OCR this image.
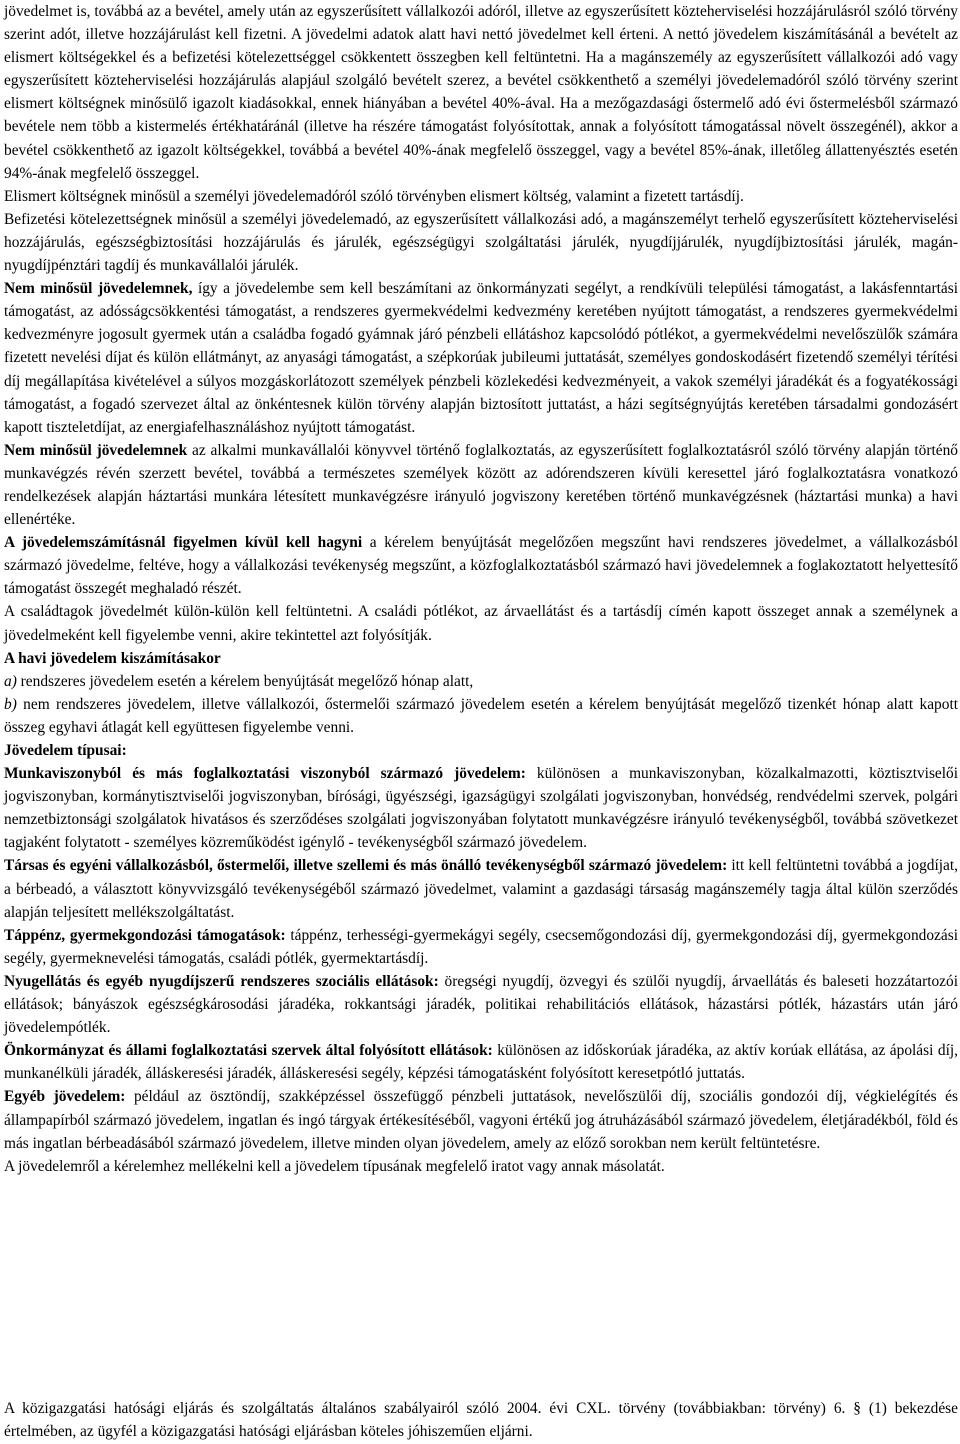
jövedelmet is, továbbá az a bevétel, amely után az egyszerűsített vállalkozói adóról, illetve az egyszerűsített közteherviselési hozzájárulásról szóló törvény szerint adót, illetve hozzájárulást kell fizetni. A jövedelmi adatok alatt havi nettó jövedelmet kell érteni. A nettó jövedelem kiszámításánál a bevételt az elismert költségekkel és a befizetési kötelezettséggel csökkentett összegben kell feltüntetni. Ha a magánszemély az egyszerűsített vállalkozói adó vagy egyszerűsített közteherviselési hozzájárulás alapjául szolgáló bevételt szerez, a bevétel csökkenthető a személyi jövedelemadóról szóló törvény szerint elismert költségnek minősülő igazolt kiadásokkal, ennek hiányában a bevétel 40%-ával. Ha a mezőgazdasági őstermelő adó évi őstermelésből származó bevétele nem több a kistermelés értékhatáránál (illetve ha részére támogatást folyósítottak, annak a folyósított támogatással növelt összegénél), akkor a bevétel csökkenthető az igazolt költségekkel, továbbá a bevétel 40%-ának megfelelő összeggel, vagy a bevétel 85%-ának, illetőleg állattenyésztés esetén 94%-ának megfelelő összeggel.

Elismert költségnek minősül a személyi jövedelemadóról szóló törvényben elismert költség, valamint a fizetett tartásdíj.

Befizetési kötelezettségnek minősül a személyi jövedelemadó, az egyszerűsített vállalkozási adó, a magánszemélyt terhelő egyszerűsített közteherviselési hozzájárulás, egészségbiztosítási hozzájárulás és járulék, egészségügyi szolgáltatási járulék, nyugdíjjárulék, nyugdíjbiztosítási járulék, magán-nyugdíjpénztári tagdíj és munkavállalói járulék.

Nem minősül jövedelemnek, így a jövedelembe sem kell beszámítani az önkormányzati segélyt, a rendkívüli települési támogatást, a lakásfenntartási támogatást, az adósságcsökkentési támogatást, a rendszeres gyermekvédelmi kedvezmény keretében nyújtott támogatást, a rendszeres gyermekvédelmi kedvezményre jogosult gyermek után a családba fogadó gyámnak járó pénzbeli ellátáshoz kapcsolódó pótlékot, a gyermekvédelmi nevelőszülők számára fizetett nevelési díjat és külön ellátmányt, az anyasági támogatást, a szépkorúak jubileumi juttatását, személyes gondoskodásért fizetendő személyi térítési díj megállapítása kivételével a súlyos mozgáskorlátozott személyek pénzbeli közlekedési kedvezményeit, a vakok személyi járadékát és a fogyatékossági támogatást, a fogadó szervezet által az önkéntesnek külön törvény alapján biztosított juttatást, a házi segítségnyújtás keretében társadalmi gondozásért kapott tiszteletdíjat, az energiafelhasználáshoz nyújtott támogatást.

Nem minősül jövedelemnek az alkalmi munkavállalói könyvvel történő foglalkoztatás, az egyszerűsített foglalkoztatásról szóló törvény alapján történő munkavégzés révén szerzett bevétel, továbbá a természetes személyek között az adórendszeren kívüli keresettel járó foglalkoztatásra vonatkozó rendelkezések alapján háztartási munkára létesített munkavégzésre irányuló jogviszony keretében történő munkavégzésnek (háztartási munka) a havi ellenértéke.

A jövedelemszámításnál figyelmen kívül kell hagyni a kérelem benyújtását megelőzően megszűnt havi rendszeres jövedelmet, a vállalkozásból származó jövedelme, feltéve, hogy a vállalkozási tevékenység megszűnt, a közfoglalkoztatásból származó havi jövedelemnek a foglakoztatott helyettesítő támogatást összegét meghaladó részét.

A családtagok jövedelmét külön-külön kell feltüntetni. A családi pótlékot, az árvaellátást és a tartásdíj címén kapott összeget annak a személynek a jövedelmeként kell figyelembe venni, akire tekintettel azt folyósítják.

A havi jövedelem kiszámításakor

a) rendszeres jövedelem esetén a kérelem benyújtását megelőző hónap alatt,

b) nem rendszeres jövedelem, illetve vállalkozói, őstermelői származó jövedelem esetén a kérelem benyújtását megelőző tizenkét hónap alatt kapott összeg egyhavi átlagát kell együttesen figyelembe venni.

Jövedelem típusai:

Munkaviszonyból és más foglalkoztatási viszonyból származó jövedelem: különösen a munkaviszonyban, közalkalmazotti, köztisztviselői jogviszonyban, kormánytisztviselői jogviszonyban, bírósági, ügyészségi, igazságügyi szolgálati jogviszonyban, honvédség, rendvédelmi szervek, polgári nemzetbiztonsági szolgálatok hivatásos és szerződéses szolgálati jogviszonyában folytatott munkavégzésre irányuló tevékenységből, továbbá szövetkezet tagjaként folytatott - személyes közreműködést igénylő - tevékenységből származó jövedelem.

Társas és egyéni vállalkozásból, őstermelői, illetve szellemi és más önálló tevékenységből származó jövedelem: itt kell feltüntetni továbbá a jogdíjat, a bérbeadó, a választott könyvvizsgáló tevékenységéből származó jövedelmet, valamint a gazdasági társaság magánszemély tagja által külön szerződés alapján teljesített mellékszolgáltatást.

Táppénz, gyermekgondozási támogatások: táppénz, terhességi-gyermekágyi segély, csecsemőgondozási díj, gyermekgondozási díj, gyermekgondozási segély, gyermeknevelési támogatás, családi pótlék, gyermektartásdíj.

Nyugellátás és egyéb nyugdíjszerű rendszeres szociális ellátások: öregségi nyugdíj, özvegyi és szülői nyugdíj, árvaellátás és baleseti hozzátartozói ellátások; bányászok egészségkárosodási járadéka, rokkantsági járadék, politikai rehabilitációs ellátások, házastársi pótlék, házastárs után járó jövedelempótlék.

Önkormányzat és állami foglalkoztatási szervek által folyósított ellátások: különösen az időskorúak járadéka, az aktív korúak ellátása, az ápolási díj, munkanélküli járadék, álláskeresési járadék, álláskeresési segély, képzési támogatásként folyósított keresetpótló juttatás.

Egyéb jövedelem: például az ösztöndíj, szakképzéssel összefüggő pénzbeli juttatások, nevelőszülői díj, szociális gondozói díj, végkielégítés és állampapírból származó jövedelem, ingatlan és ingó tárgyak értékesítéséből, vagyoni értékű jog átruházásából származó jövedelem, életjáradékból, föld és más ingatlan bérbeadásából származó jövedelem, illetve minden olyan jövedelem, amely az előző sorokban nem került feltüntetésre.

A jövedelemről a kérelemhez mellékelni kell a jövedelem típusának megfelelő iratot vagy annak másolatát.

A közigazgatási hatósági eljárás és szolgáltatás általános szabályairól szóló 2004. évi CXL. törvény (továbbiakban: törvény) 6. § (1) bekezdése értelmében, az ügyfél a közigazgatási hatósági eljárásban köteles jóhiszeműen eljárni.
